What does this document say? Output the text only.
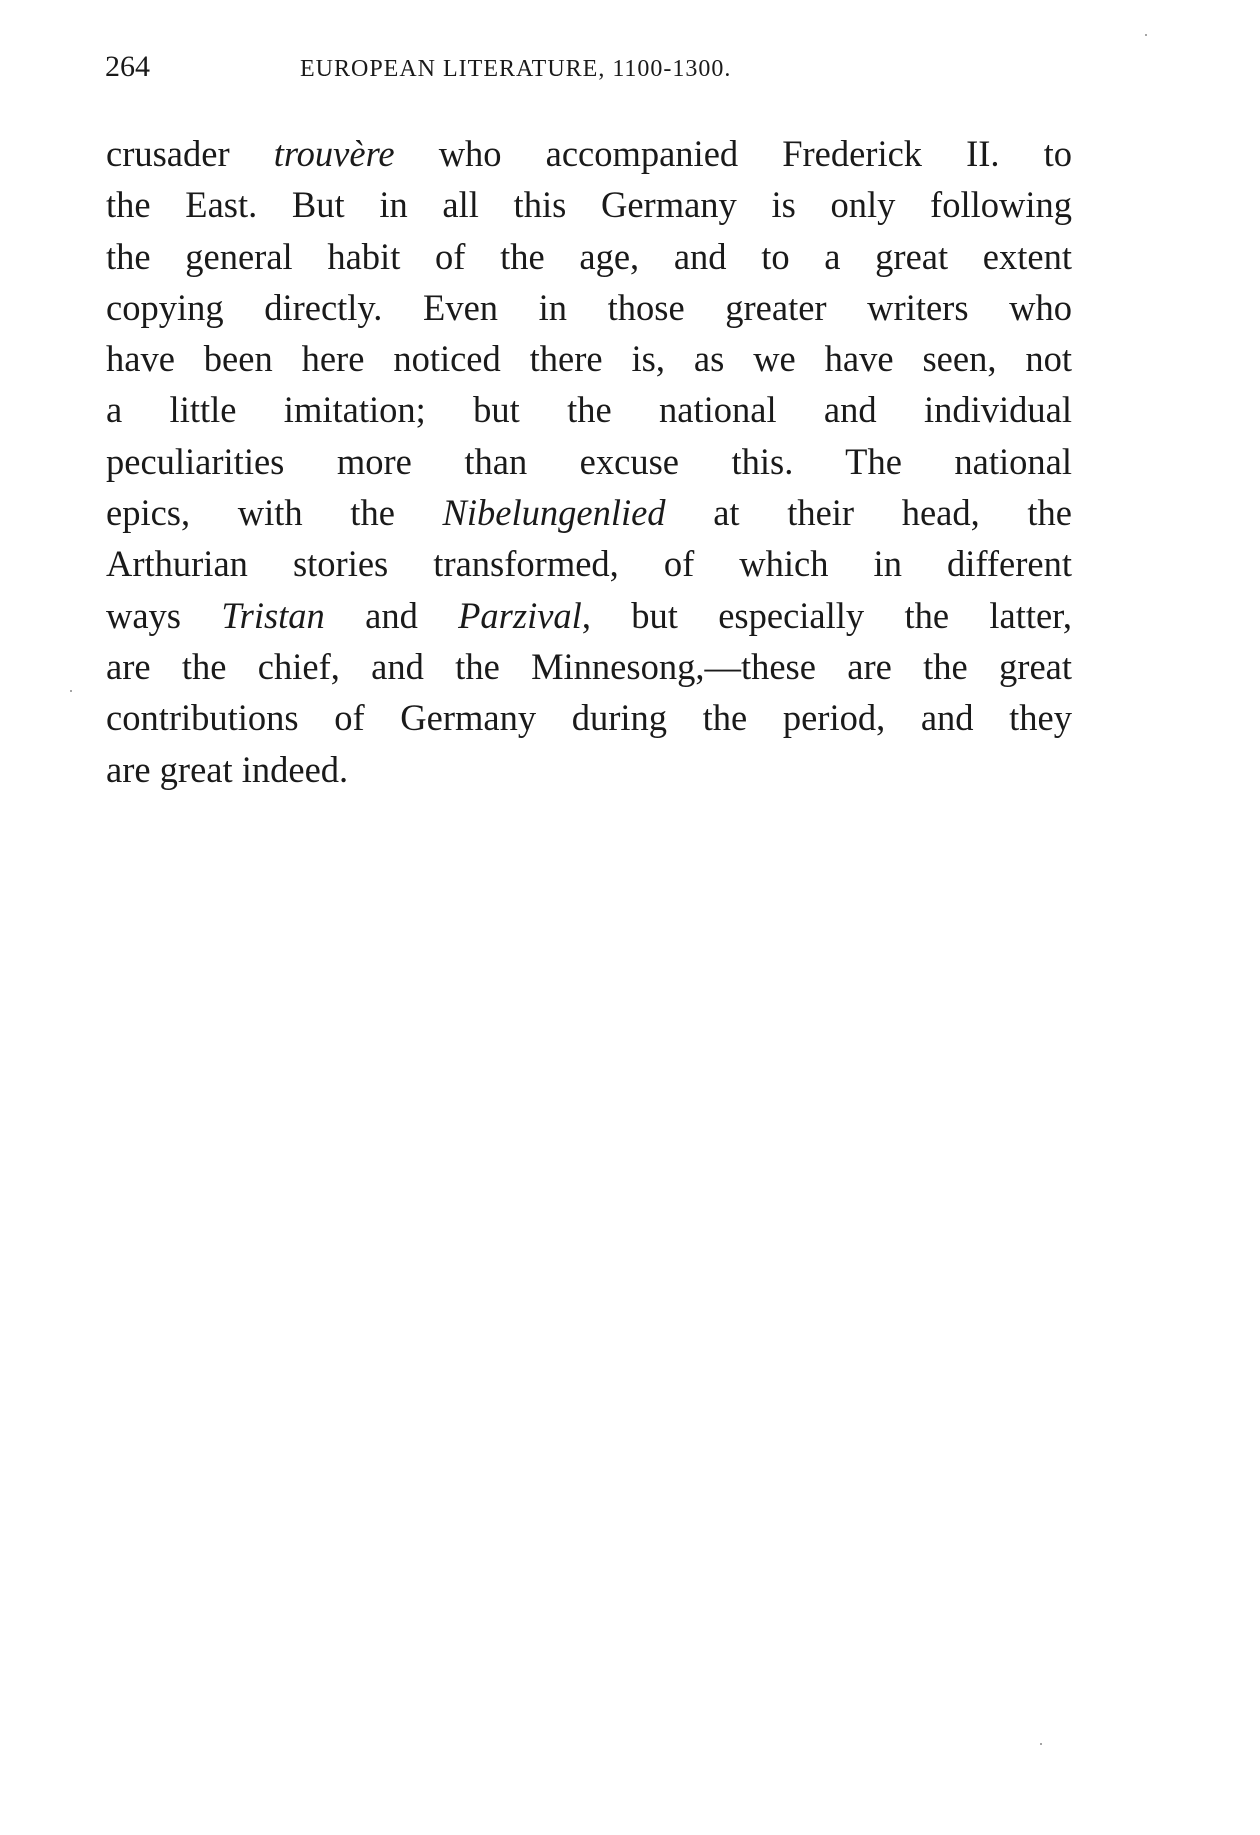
264	EUROPEAN LITERATURE, 1100-1300.
crusader trouvère who accompanied Frederick II. to
the East. But in all this Germany is only following
the general habit of the age, and to a great extent
copying directly. Even in those greater writers who
have been here noticed there is, as we have seen, not
a little imitation; but the national and individual
peculiarities more than excuse this. The national
epics, with the Nibelungenlied at their head, the
Arthurian stories transformed, of which in different
ways Tristan and Parzival, but especially the latter,
are the chief, and the Minnesong,—these are the great
contributions of Germany during the period, and they
are great indeed.
